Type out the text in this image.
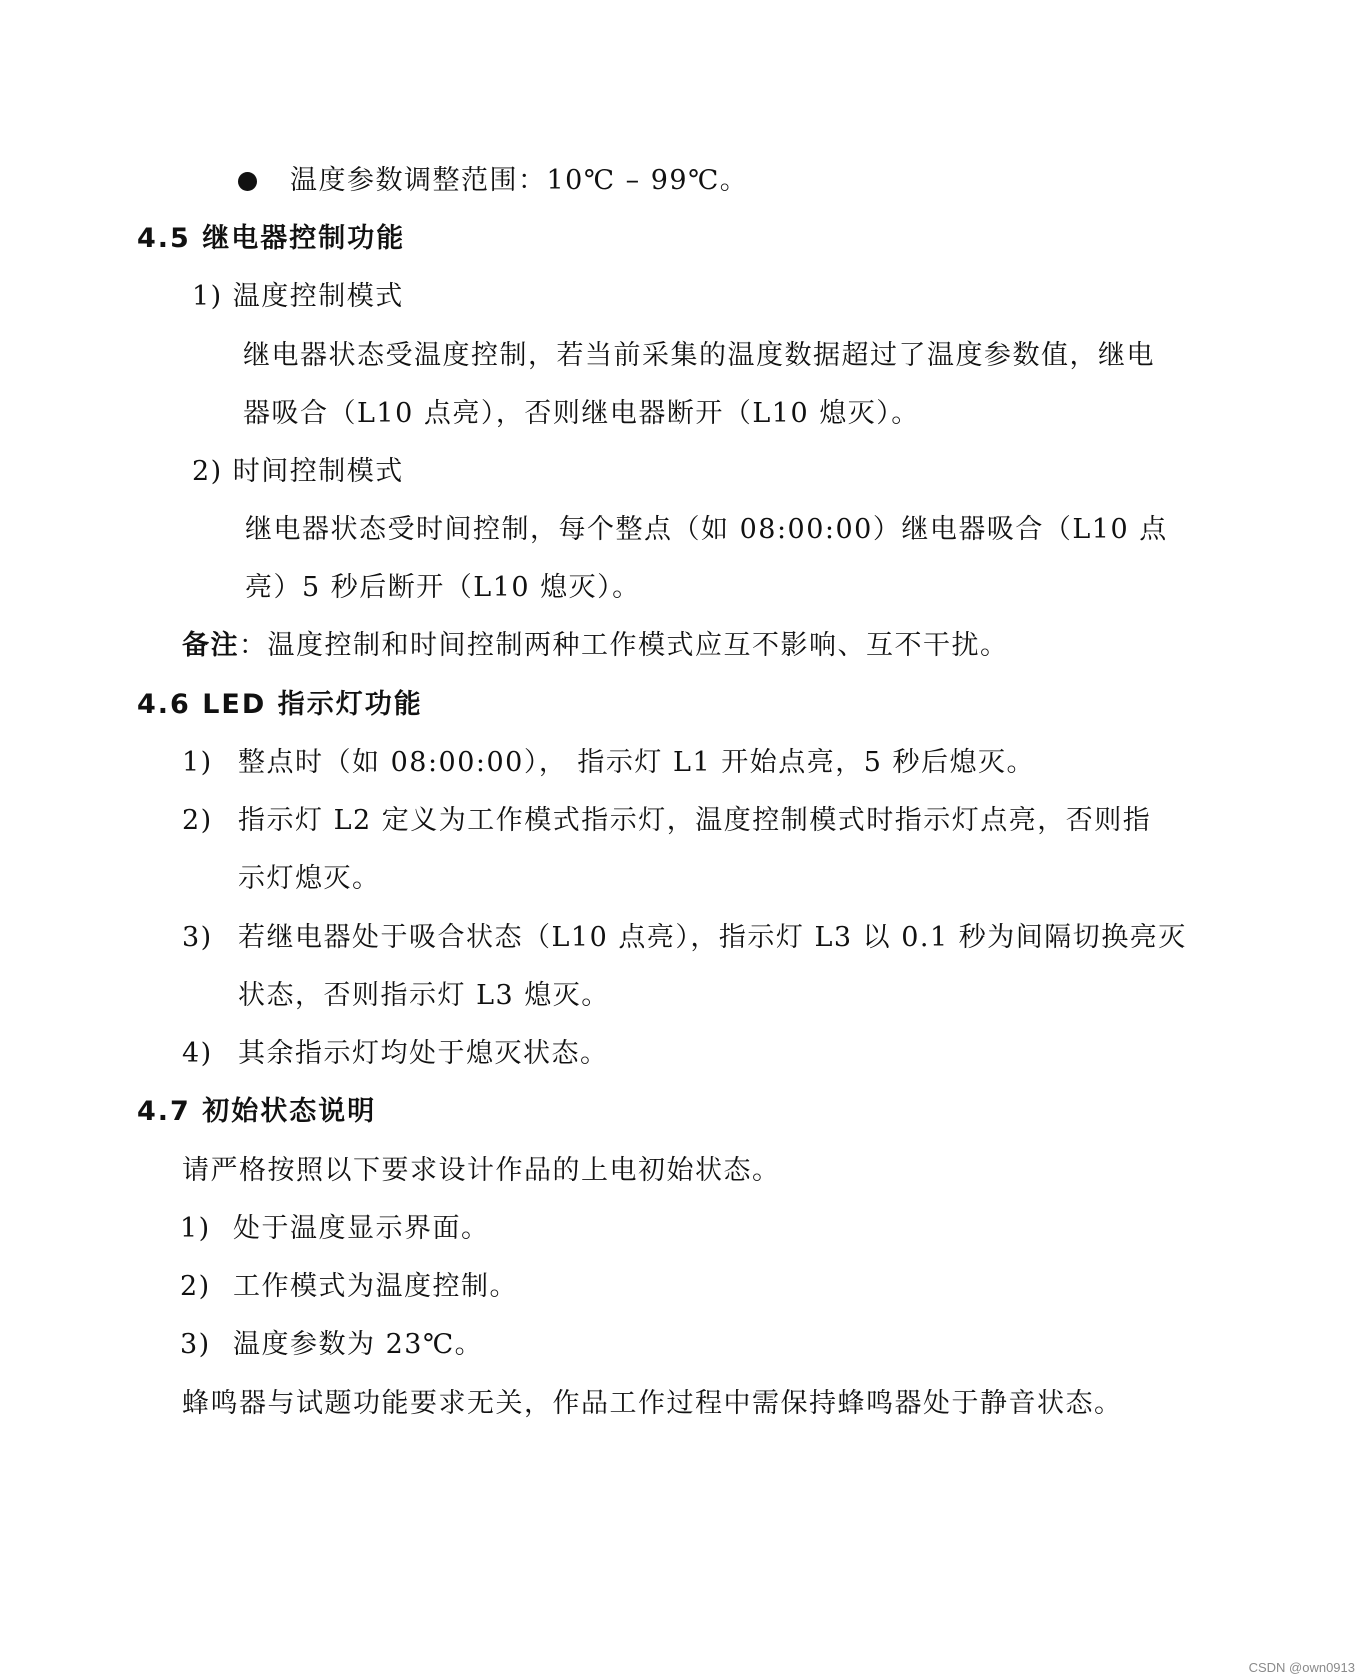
温度参数调整范围：10℃ – 99℃。
4.5 继电器控制功能
1) 温度控制模式
继电器状态受温度控制，若当前采集的温度数据超过了温度参数值，继电
器吸合（L10 点亮），否则继电器断开（L10 熄灭）。
2) 时间控制模式
继电器状态受时间控制，每个整点（如 08:00:00）继电器吸合（L10 点
亮）5 秒后断开（L10 熄灭）。
备注：温度控制和时间控制两种工作模式应互不影响、互不干扰。
4.6 LED 指示灯功能
1) 整点时（如 08:00:00）， 指示灯 L1 开始点亮，5 秒后熄灭。
2) 指示灯 L2 定义为工作模式指示灯，温度控制模式时指示灯点亮，否则指
示灯熄灭。
3) 若继电器处于吸合状态（L10 点亮），指示灯 L3 以 0.1 秒为间隔切换亮灭
状态，否则指示灯 L3 熄灭。
4) 其余指示灯均处于熄灭状态。
4.7 初始状态说明
请严格按照以下要求设计作品的上电初始状态。
1) 处于温度显示界面。
2) 工作模式为温度控制。
3) 温度参数为 23℃。
蜂鸣器与试题功能要求无关，作品工作过程中需保持蜂鸣器处于静音状态。
CSDN @own0913
